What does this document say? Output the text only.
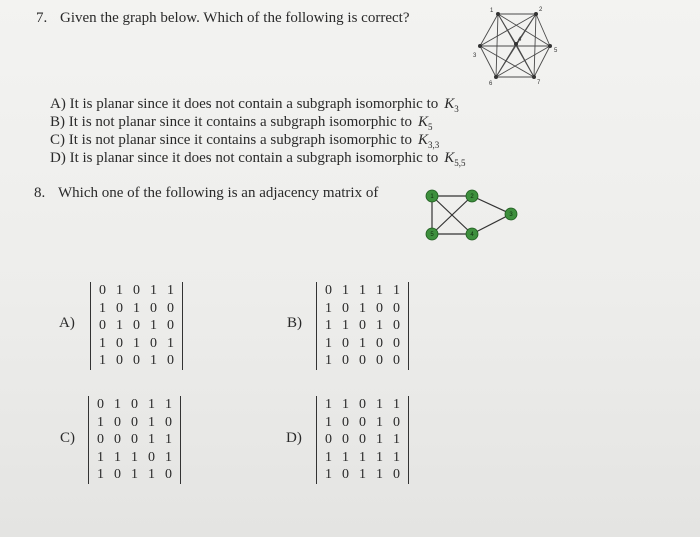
7. Given the graph below. Which of the following is correct?	1	2
3
4
5
6	7
A) It is planar since it does not contain a subgraph isomorphic to $K_3$
B) It is not planar since it contains a subgraph isomorphic to $K_5$
C) It is not planar since it contains a subgraph isomorphic to $K_{3,3}$
D) It is planar since it does not contain a subgraph isomorphic to $K_{5,5}$
8. Which one of the following is an adjacency matrix of	1	2
3
4
5
A)	B)
C)	D)
0 1 0 1 1
1 0 1 0 0
0 1 0 1 0
1 0 1 0 1
1 0 0 1 0
0 1 1 1 1
1 0 1 0 0
1 1 0 1 0
1 0 1 0 0
1 0 0 0 0
0 1 0 1 1
1 0 0 1 0
0 0 0 1 1
1 1 1 0 1
1 0 1 1 0
1 1 0 1 1
1 0 0 1 0
0 0 0 1 1
1 1 1 1 1
1 0 1 1 0
